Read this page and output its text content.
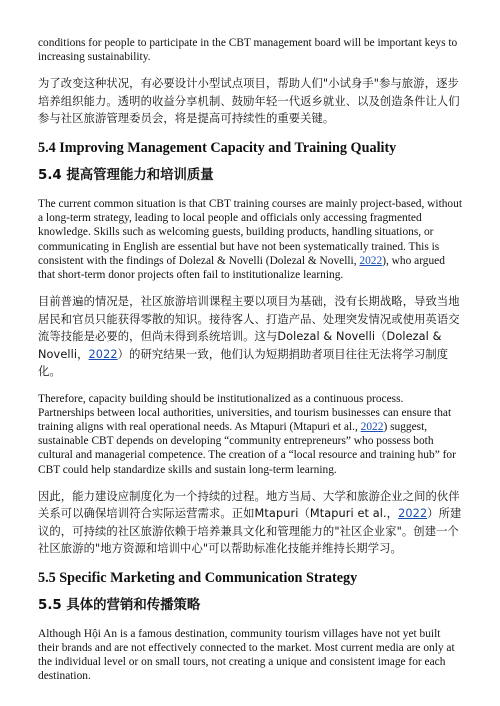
conditions for people to participate in the CBT management board will be important keys to increasing sustainability.

为了改变这种状况，有必要设计小型试点项目，帮助人们"小试身手"参与旅游，逐步培养组织能力。透明的收益分享机制、鼓励年轻一代返乡就业、以及创造条件让人们参与社区旅游管理委员会，将是提高可持续性的重要关键。

5.4 Improving Management Capacity and Training Quality
5.4 提高管理能力和培训质量

The current common situation is that CBT training courses are mainly project-based, without a long-term strategy, leading to local people and officials only accessing fragmented knowledge. Skills such as welcoming guests, building products, handling situations, or communicating in English are essential but have not been systematically trained. This is consistent with the findings of Dolezal & Novelli (Dolezal & Novelli, 2022), who argued that short-term donor projects often fail to institutionalize learning.

目前普遍的情况是，社区旅游培训课程主要以项目为基础，没有长期战略，导致当地居民和官员只能获得零散的知识。接待客人、打造产品、处理突发情况或使用英语交流等技能是必要的，但尚未得到系统培训。这与Dolezal & Novelli（Dolezal & Novelli，2022）的研究结果一致，他们认为短期捐助者项目往往无法将学习制度化。

Therefore, capacity building should be institutionalized as a continuous process. Partnerships between local authorities, universities, and tourism businesses can ensure that training aligns with real operational needs. As Mtapuri (Mtapuri et al., 2022) suggest, sustainable CBT depends on developing “community entrepreneurs” who possess both cultural and managerial competence. The creation of a “local resource and training hub” for CBT could help standardize skills and sustain long-term learning.

因此，能力建设应制度化为一个持续的过程。地方当局、大学和旅游企业之间的伙伴关系可以确保培训符合实际运营需求。正如Mtapuri（Mtapuri et al.，2022）所建议的，可持续的社区旅游依赖于培养兼具文化和管理能力的"社区企业家"。创建一个社区旅游的"地方资源和培训中心"可以帮助标准化技能并维持长期学习。

5.5 Specific Marketing and Communication Strategy
5.5 具体的营销和传播策略

Although Hội An is a famous destination, community tourism villages have not yet built their brands and are not effectively connected to the market. Most current media are only at the individual level or on small tours, not creating a unique and consistent image for each destination.
